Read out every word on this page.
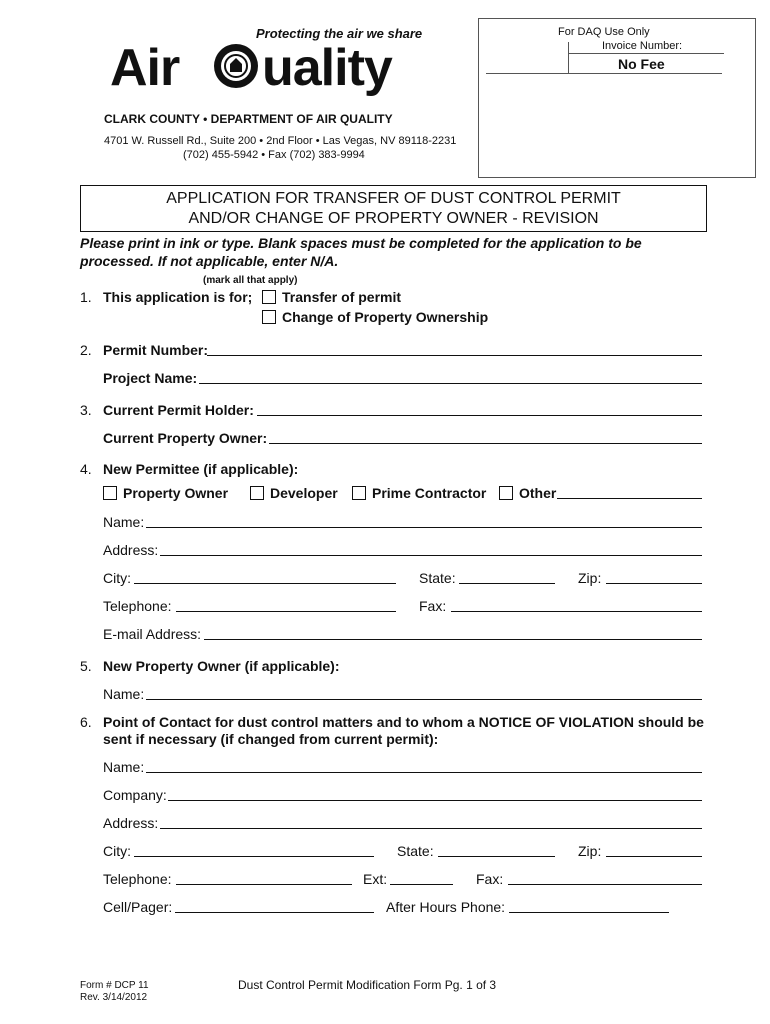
Protecting the air we share
Air uality
CLARK COUNTY • DEPARTMENT OF AIR QUALITY
4701 W. Russell Rd., Suite 200 • 2nd Floor • Las Vegas, NV 89118-2231
(702) 455-5942 • Fax (702) 383-9994
For DAQ Use Only
Invoice Number:
No Fee
APPLICATION FOR TRANSFER OF DUST CONTROL PERMIT
AND/OR CHANGE OF PROPERTY OWNER - REVISION
Please print in ink or type. Blank spaces must be completed for the application to be processed. If not applicable, enter N/A.
(mark all that apply)
1. This application is for;	Transfer of permit
Change of Property Ownership
2. Permit Number:
Project Name:
3. Current Permit Holder:
Current Property Owner:
4. New Permittee (if applicable):
Property Owner	Developer	Prime Contractor	Other
Name:
Address:
City:	State:	Zip:
Telephone:	Fax:
E-mail Address:
5. New Property Owner (if applicable):
Name:
6. Point of Contact for dust control matters and to whom a NOTICE OF VIOLATION should be
sent if necessary (if changed from current permit):
Name:
Company:
Address:
City:	State:	Zip:
Telephone:	Ext:	Fax:
Cell/Pager:	After Hours Phone:
Form # DCP 11
Rev. 3/14/2012
Dust Control Permit Modification Form Pg. 1 of 3
